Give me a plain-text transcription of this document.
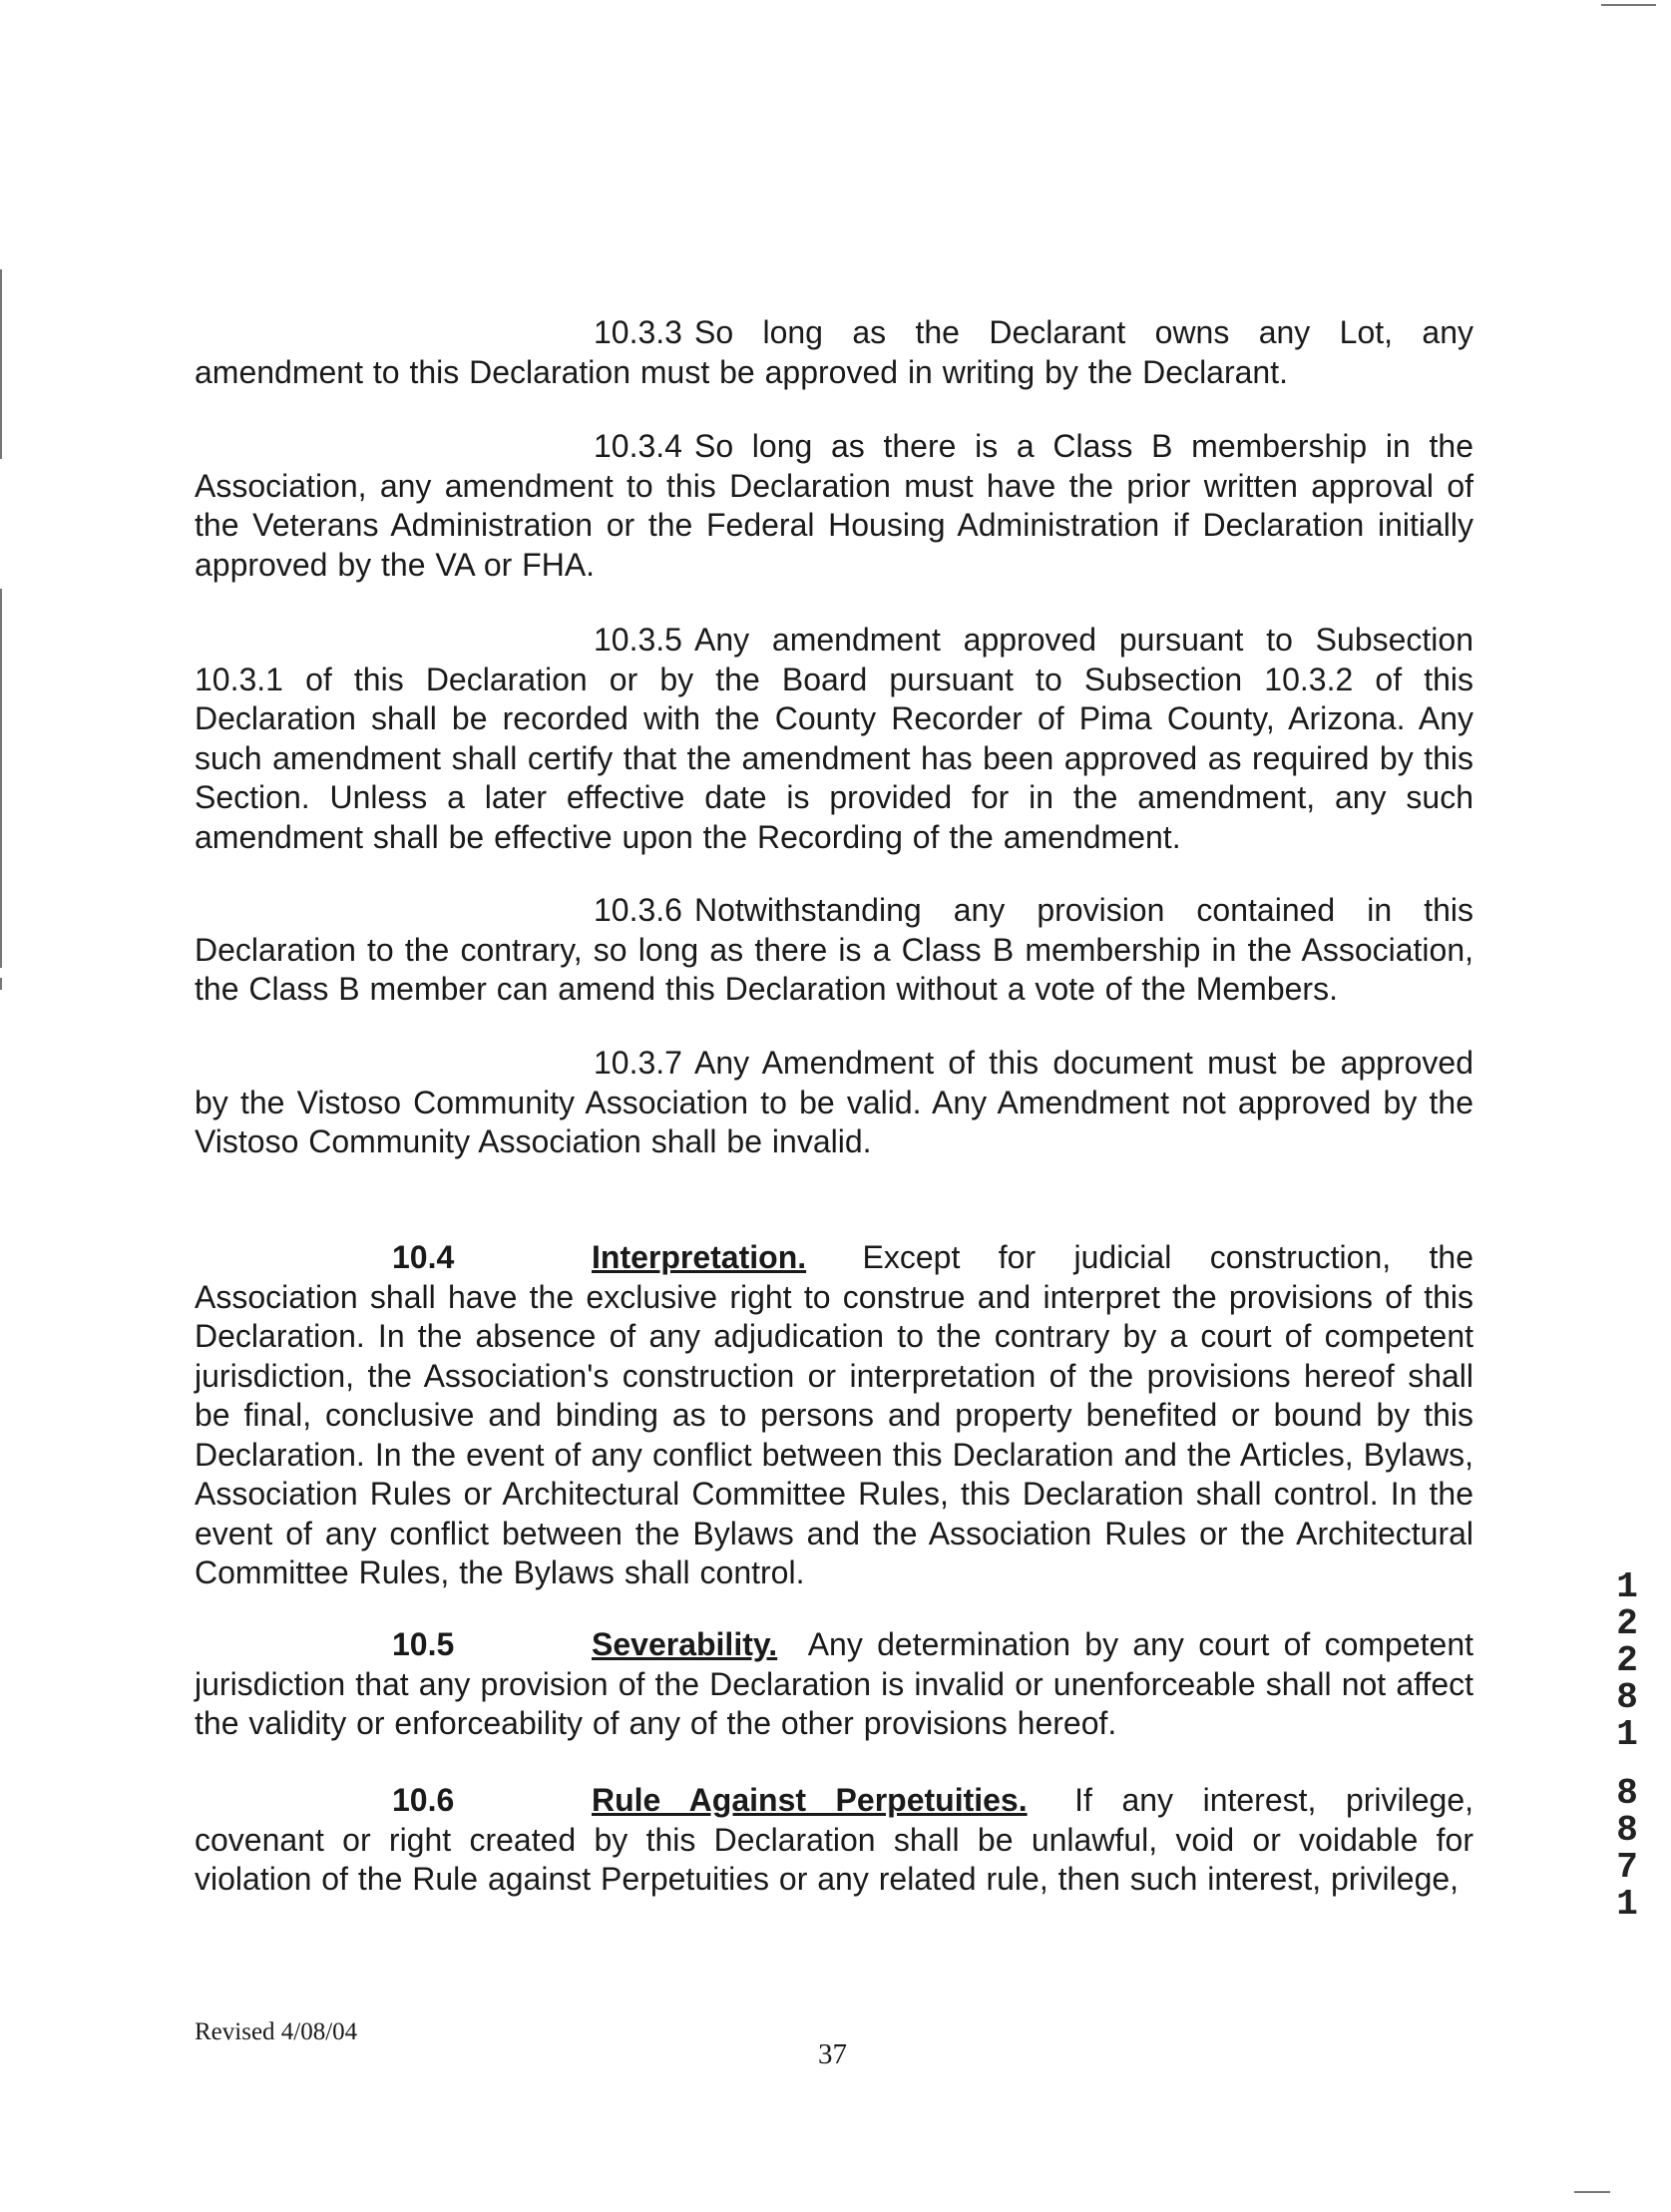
10.3.3 So long as the Declarant owns any Lot, any amendment to this Declaration must be approved in writing by the Declarant.

10.3.4 So long as there is a Class B membership in the Association, any amendment to this Declaration must have the prior written approval of the Veterans Administration or the Federal Housing Administration if Declaration initially approved by the VA or FHA.

10.3.5 Any amendment approved pursuant to Subsection 10.3.1 of this Declaration or by the Board pursuant to Subsection 10.3.2 of this Declaration shall be recorded with the County Recorder of Pima County, Arizona. Any such amendment shall certify that the amendment has been approved as required by this Section. Unless a later effective date is provided for in the amendment, any such amendment shall be effective upon the Recording of the amendment.

10.3.6 Notwithstanding any provision contained in this Declaration to the contrary, so long as there is a Class B membership in the Association, the Class B member can amend this Declaration without a vote of the Members.

10.3.7 Any Amendment of this document must be approved by the Vistoso Community Association to be valid. Any Amendment not approved by the Vistoso Community Association shall be invalid.

10.4	Interpretation. Except for judicial construction, the Association shall have the exclusive right to construe and interpret the provisions of this Declaration. In the absence of any adjudication to the contrary by a court of competent jurisdiction, the Association's construction or interpretation of the provisions hereof shall be final, conclusive and binding as to persons and property benefited or bound by this Declaration. In the event of any conflict between this Declaration and the Articles, Bylaws, Association Rules or Architectural Committee Rules, this Declaration shall control. In the event of any conflict between the Bylaws and the Association Rules or the Architectural Committee Rules, the Bylaws shall control.

10.5	Severability. Any determination by any court of competent jurisdiction that any provision of the Declaration is invalid or unenforceable shall not affect the validity or enforceability of any of the other provisions hereof.

10.6	Rule Against Perpetuities. If any interest, privilege, covenant or right created by this Declaration shall be unlawful, void or voidable for violation of the Rule against Perpetuities or any related rule, then such interest, privilege,

Revised 4/08/04
37
1
2
2
8
1
8
8
7
1
